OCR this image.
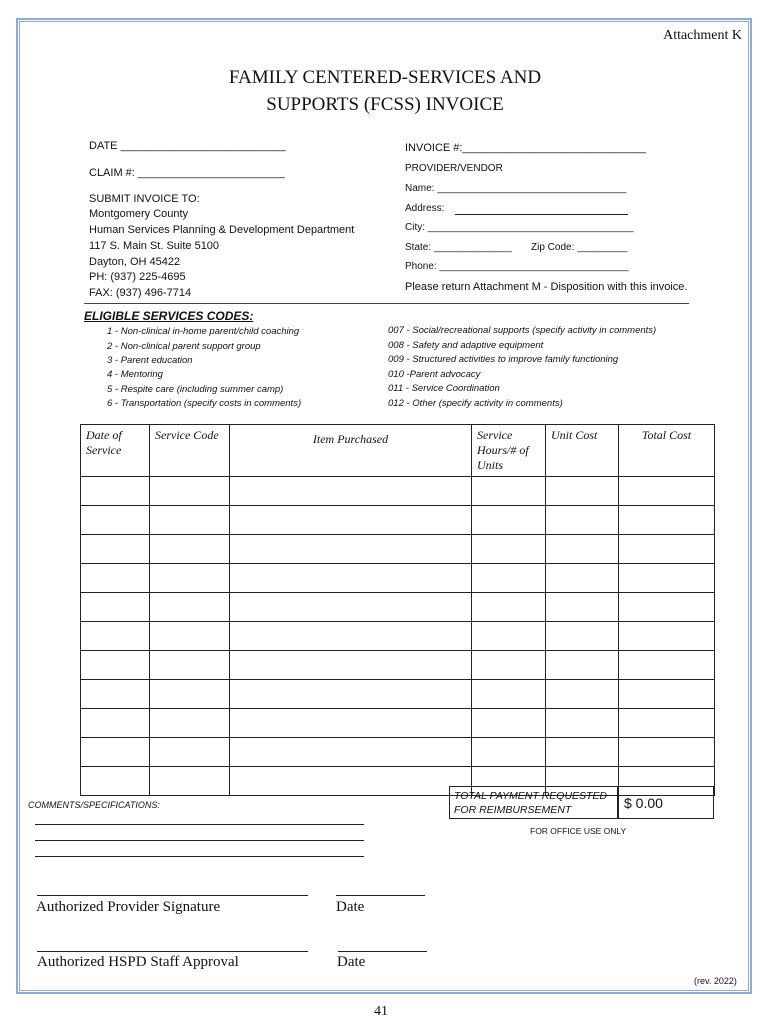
Attachment K
FAMILY CENTERED-SERVICES AND
SUPPORTS (FCSS) INVOICE
DATE ___________________________
CLAIM #: ________________________
SUBMIT INVOICE TO:
Montgomery County
Human Services Planning & Development Department
117 S. Main St. Suite 5100
Dayton, OH 45422
PH: (937) 225-4695
FAX: (937) 496-7714
INVOICE #:______________________________
PROVIDER/VENDOR
Name: __________________________________
Address:
City: _____________________________________
State: ______________ Zip Code: _________
Phone: __________________________________
Please return Attachment M - Disposition with this invoice.
ELIGIBLE SERVICES CODES:
1 - Non-clinical in-home parent/child coaching
2 - Non-clinical parent support group
3 - Parent education
4 - Mentoring
5 - Respite care (including summer camp)
6 - Transportation (specify costs in comments)
007 - Social/recreational supports (specify activity in comments)
008 - Safety and adaptive equipment
009 - Structured activities to improve family functioning
010 -Parent advocacy
011 - Service Coordination
012 - Other (specify activity in comments)
Date of Service	Service Code	Item Purchased	Service Hours/# of Units	Unit Cost	Total Cost

TOTAL PAYMENT REQUESTED FOR REIMBURSEMENT	$ 0.00
FOR OFFICE USE ONLY
COMMENTS/SPECIFICATIONS:
Authorized Provider Signature	Date
Authorized HSPD Staff Approval	Date
(rev. 2022)
41
